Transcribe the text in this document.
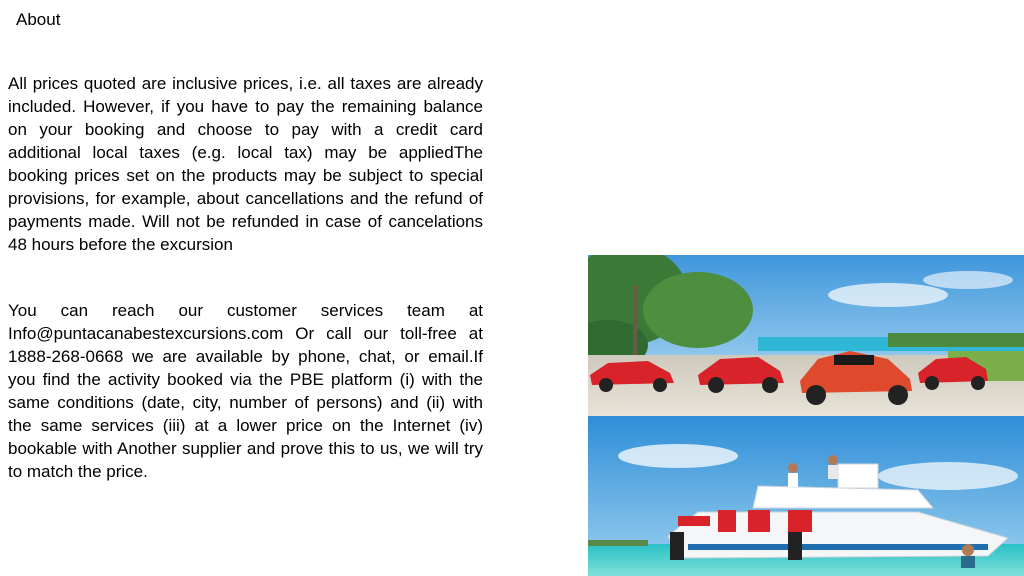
About

All prices quoted are inclusive prices, i.e. all taxes are already included. However, if you have to pay the remaining balance on your booking and choose to pay with a credit card additional local taxes (e.g. local tax) may be appliedThe booking prices set on the products may be subject to special provisions, for example, about cancellations and the refund of payments made. Will not be refunded in case of cancelations 48 hours before the excursion

You can reach our customer services team at Info@puntacanabestexcursions.com Or call our toll-free at 1888-268-0668 we are available by phone, chat, or email.If you find the activity booked via the PBE platform (i) with the same conditions (date, city, number of persons) and (ii) with the same services (iii) at a lower price on the Internet (iv) bookable with Another supplier and prove this to us, we will try to match the price.
